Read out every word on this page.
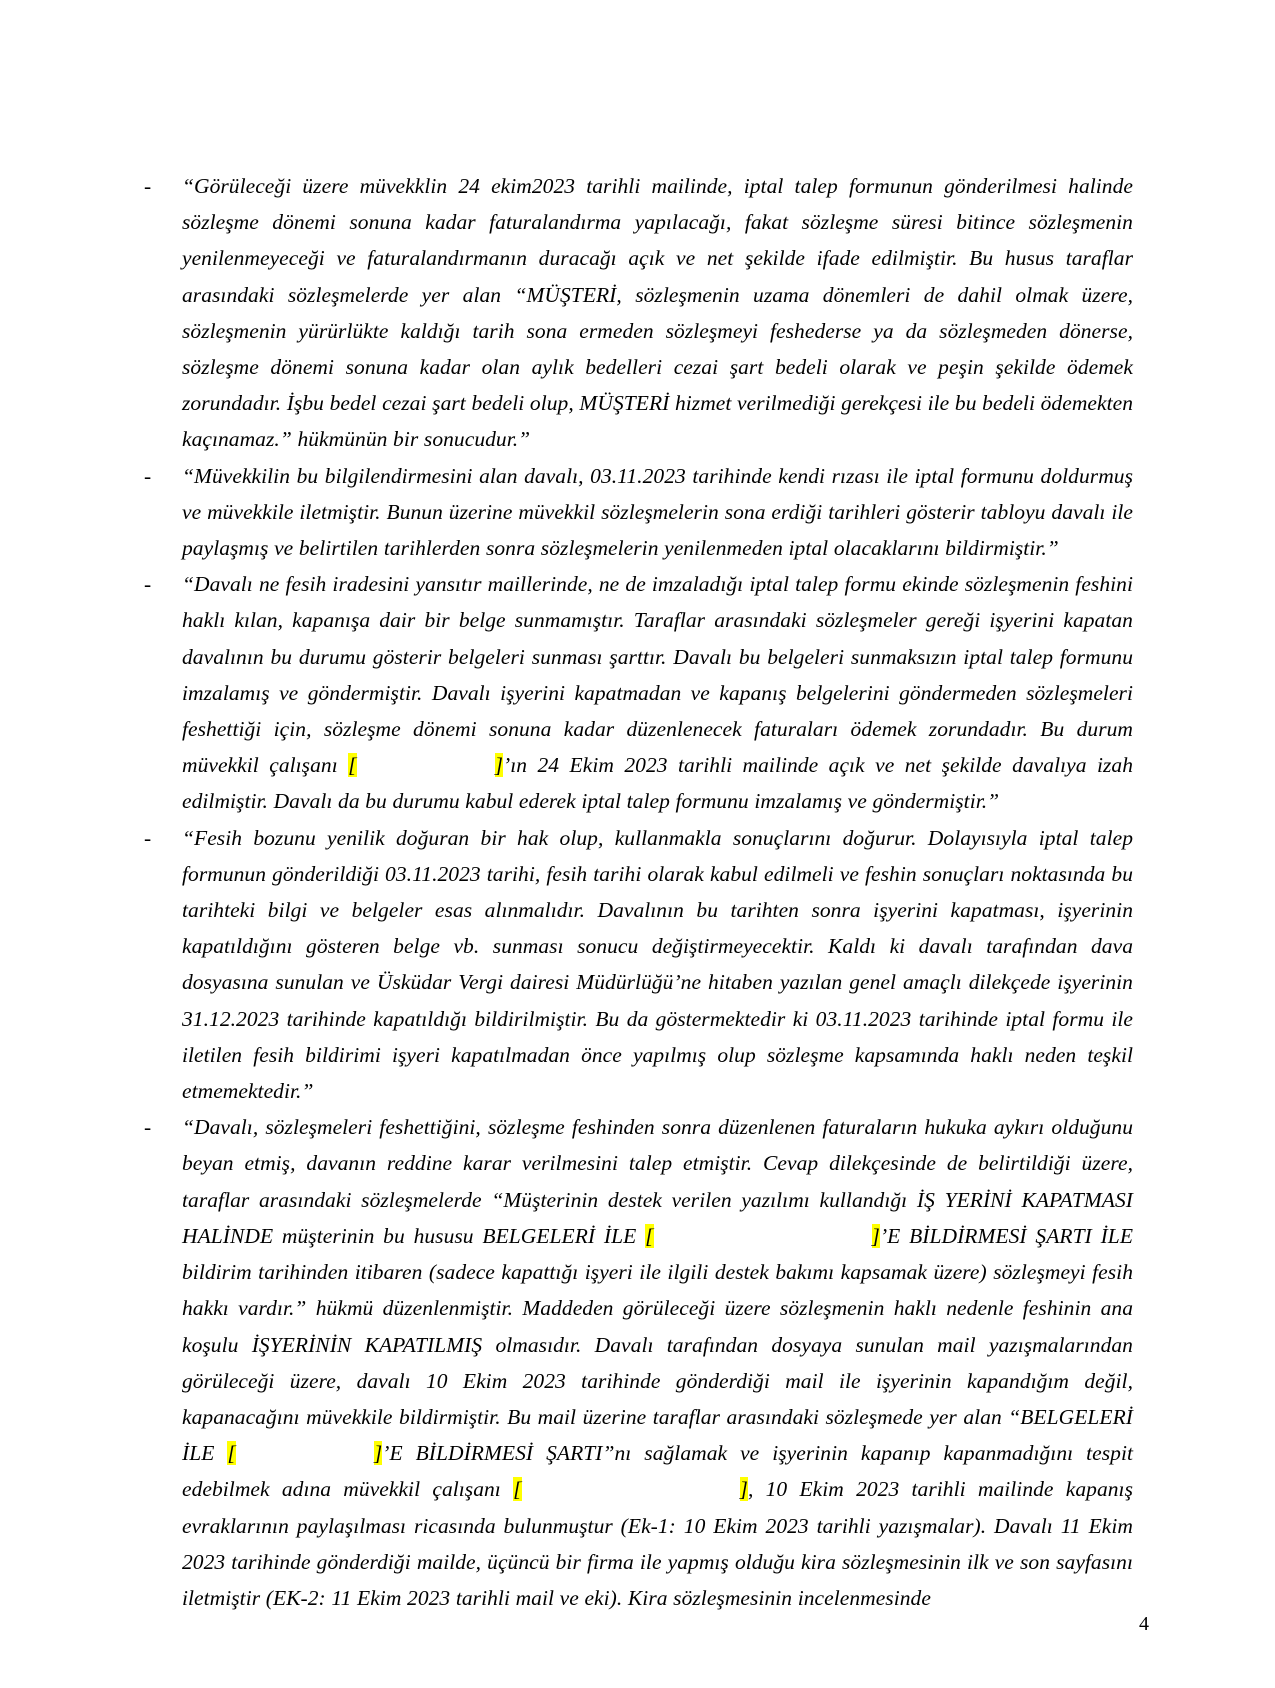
- “Görüleceği üzere müvekklin 24 ekim2023 tarihli mailinde, iptal talep formunun gönderilmesi halinde sözleşme dönemi sonuna kadar faturalandırma yapılacağı, fakat sözleşme süresi bitince sözleşmenin yenilenmeyeceği ve faturalandırmanın duracağı açık ve net şekilde ifade edilmiştir. Bu husus taraflar arasındaki sözleşmelerde yer alan “MÜŞTERİ, sözleşmenin uzama dönemleri de dahil olmak üzere, sözleşmenin yürürlükte kaldığı tarih sona ermeden sözleşmeyi feshederse ya da sözleşmeden dönerse, sözleşme dönemi sonuna kadar olan aylık bedelleri cezai şart bedeli olarak ve peşin şekilde ödemek zorundadır. İşbu bedel cezai şart bedeli olup, MÜŞTERİ hizmet verilmediği gerekçesi ile bu bedeli ödemekten kaçınamaz.” hükmünün bir sonucudur.”

- “Müvekkilin bu bilgilendirmesini alan davalı, 03.11.2023 tarihinde kendi rızası ile iptal formunu doldurmuş ve müvekkile iletmiştir. Bunun üzerine müvekkil sözleşmelerin sona erdiği tarihleri gösterir tabloyu davalı ile paylaşmış ve belirtilen tarihlerden sonra sözleşmelerin yenilenmeden iptal olacaklarını bildirmiştir.”

- “Davalı ne fesih iradesini yansıtır maillerinde, ne de imzaladığı iptal talep formu ekinde sözleşmenin feshini haklı kılan, kapanışa dair bir belge sunmamıştır. Taraflar arasındaki sözleşmeler gereği işyerini kapatan davalının bu durumu gösterir belgeleri sunması şarttır. Davalı bu belgeleri sunmaksızın iptal talep formunu imzalamış ve göndermiştir. Davalı işyerini kapatmadan ve kapanış belgelerini göndermeden sözleşmeleri feshettiği için, sözleşme dönemi sonuna kadar düzenlenecek faturaları ödemek zorundadır. Bu durum müvekkil çalışanı [	]’ın 24 Ekim 2023 tarihli mailinde açık ve net şekilde davalıya izah edilmiştir. Davalı da bu durumu kabul ederek iptal talep formunu imzalamış ve göndermiştir.”

- “Fesih bozunu yenilik doğuran bir hak olup, kullanmakla sonuçlarını doğurur. Dolayısıyla iptal talep formunun gönderildiği 03.11.2023 tarihi, fesih tarihi olarak kabul edilmeli ve feshin sonuçları noktasında bu tarihteki bilgi ve belgeler esas alınmalıdır. Davalının bu tarihten sonra işyerini kapatması, işyerinin kapatıldığını gösteren belge vb. sunması sonucu değiştirmeyecektir. Kaldı ki davalı tarafından dava dosyasına sunulan ve Üsküdar Vergi dairesi Müdürlüğü’ne hitaben yazılan genel amaçlı dilekçede işyerinin 31.12.2023 tarihinde kapatıldığı bildirilmiştir. Bu da göstermektedir ki 03.11.2023 tarihinde iptal formu ile iletilen fesih bildirimi işyeri kapatılmadan önce yapılmış olup sözleşme kapsamında haklı neden teşkil etmemektedir.”

- “Davalı, sözleşmeleri feshettiğini, sözleşme feshinden sonra düzenlenen faturaların hukuka aykırı olduğunu beyan etmiş, davanın reddine karar verilmesini talep etmiştir. Cevap dilekçesinde de belirtildiği üzere, taraflar arasındaki sözleşmelerde “Müşterinin destek verilen yazılımı kullandığı İŞ YERİNİ KAPATMASI HALİNDE müşterinin bu hususu BELGELERİ İLE [	]’E BİLDİRMESİ ŞARTI İLE bildirim tarihinden itibaren (sadece kapattığı işyeri ile ilgili destek bakımı kapsamak üzere) sözleşmeyi fesih hakkı vardır.” hükmü düzenlenmiştir. Maddeden görüleceği üzere sözleşmenin haklı nedenle feshinin ana koşulu İŞYERİNİN KAPATILMIŞ olmasıdır. Davalı tarafından dosyaya sunulan mail yazışmalarından görüleceği üzere, davalı 10 Ekim 2023 tarihinde gönderdiği mail ile işyerinin kapandığım değil, kapanacağını müvekkile bildirmiştir. Bu mail üzerine taraflar arasındaki sözleşmede yer alan “BELGELERİ İLE [	]’E BİLDİRMESİ ŞARTI”nı sağlamak ve işyerinin kapanıp kapanmadığını tespit edebilmek adına müvekkil çalışanı [	], 10 Ekim 2023 tarihli mailinde kapanış evraklarının paylaşılması ricasında bulunmuştur (Ek-1: 10 Ekim 2023 tarihli yazışmalar). Davalı 11 Ekim 2023 tarihinde gönderdiği mailde, üçüncü bir firma ile yapmış olduğu kira sözleşmesinin ilk ve son sayfasını iletmiştir (EK-2: 11 Ekim 2023 tarihli mail ve eki). Kira sözleşmesinin incelenmesinde

4
